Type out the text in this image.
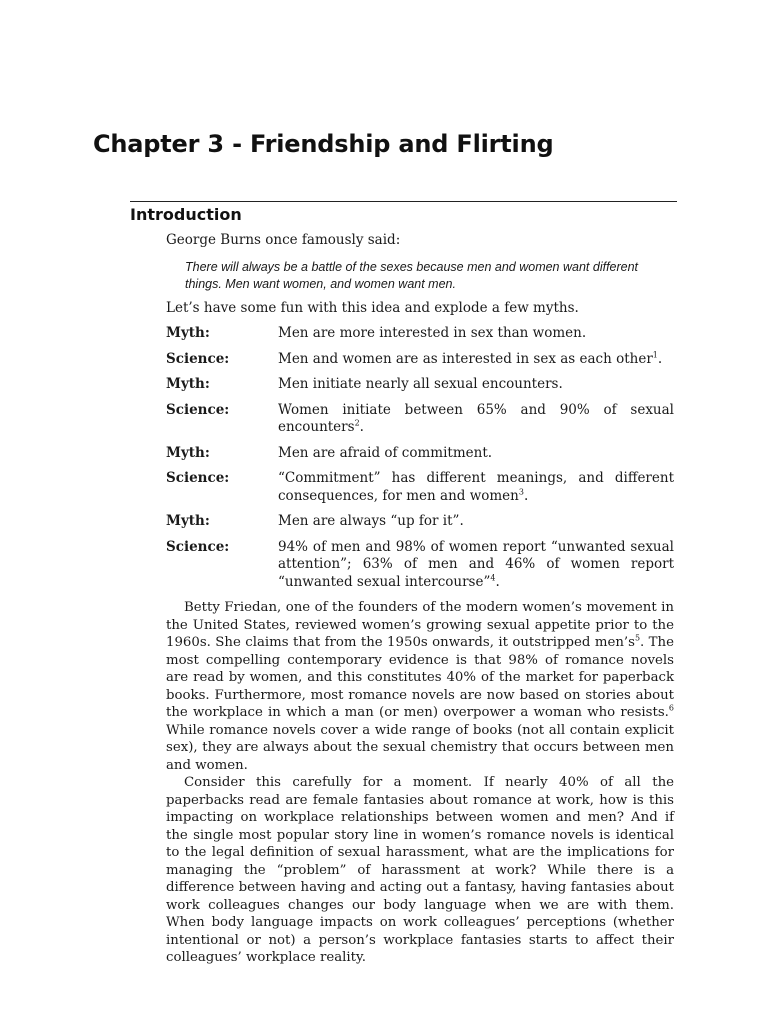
Chapter 3 - Friendship and Flirting
Introduction

George Burns once famously said:

There will always be a battle of the sexes because men and women want different
things. Men want women, and women want men.

Let’s have some fun with this idea and explode a few myths.

Myth:	Men are more interested in sex than women.
Science:	Men and women are as interested in sex as each other$^1$.
Myth:	Men initiate nearly all sexual encounters.
Science:	Women initiate between 65% and 90% of sexual encounters$^2$.
Myth:	Men are afraid of commitment.
Science:	“Commitment” has different meanings, and different consequences, for men and women$^3$.
Myth:	Men are always “up for it”.
Science:	94% of men and 98% of women report “unwanted sexual attention”; 63% of men and 46% of women report “unwanted sexual intercourse”$^4$.

Betty Friedan, one of the founders of the modern women’s movement in the United States, reviewed women’s growing sexual appetite prior to the 1960s. She claims that from the 1950s onwards, it outstripped $men’s^5$. The most compelling contemporary evidence is that 98% of romance novels are read by women, and this constitutes 40% of the market for paperback books. Furthermore, most romance novels are now based on stories about the workplace in which a man (or men) overpower a woman who resists.$^6$ While romance novels cover a wide range of books (not all contain explicit sex), they are always about the sexual chemistry that occurs between men and women.

Consider this carefully for a moment. If nearly 40% of all the paperbacks read are female fantasies about romance at work, how is this impacting on workplace relationships between women and men? And if the single most popular story line in women’s romance novels is identical to the legal definition of sexual harassment, what are the implications for managing the “problem” of harassment at work? While there is a difference between having and acting out a fantasy, having fantasies about work colleagues changes our body language when we are with them. When body language impacts on work colleagues’ perceptions (whether intentional or not) a person’s workplace fantasies starts to affect their colleagues’ workplace reality.
